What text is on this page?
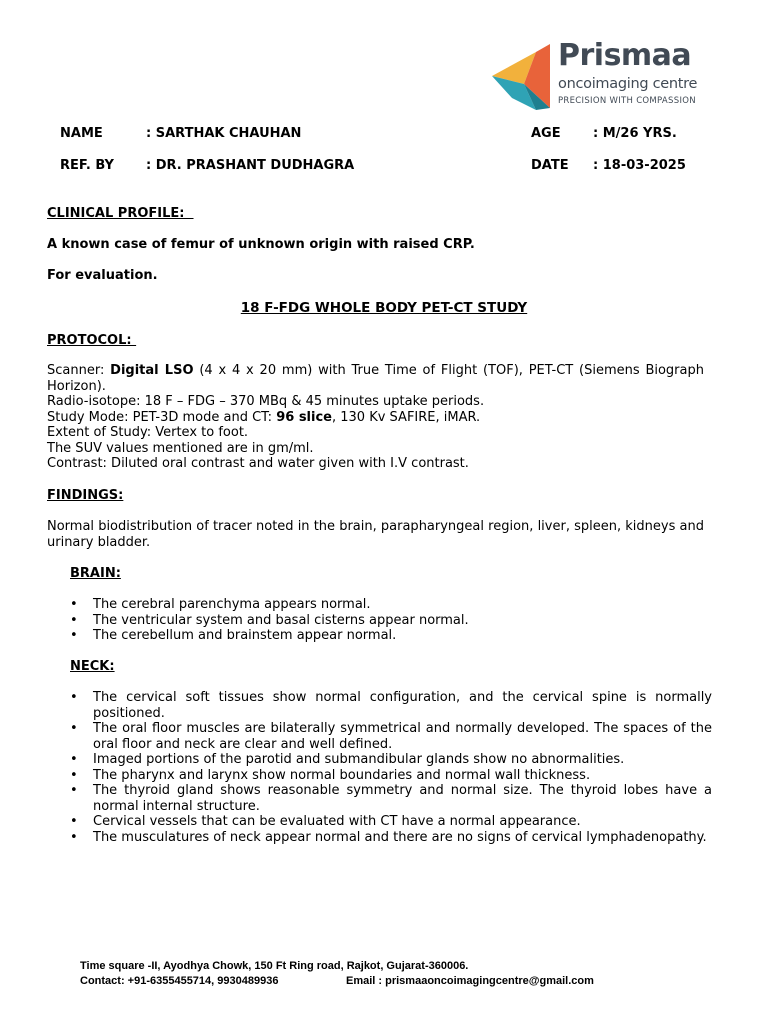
Prismaa
oncoimaging centre
PRECISION WITH COMPASSION
NAME	: SARTHAK CHAUHAN	AGE : M/26 YRS.
REF. BY : DR. PRASHANT DUDHAGRA	DATE : 18-03-2025
CLINICAL PROFILE:
A known case of femur of unknown origin with raised CRP.
For evaluation.
18 F-FDG WHOLE BODY PET-CT STUDY
PROTOCOL:
Scanner: Digital LSO (4 x 4 x 20 mm) with True Time of Flight (TOF), PET-CT (Siemens Biograph Horizon).
Radio-isotope: 18 F – FDG – 370 MBq & 45 minutes uptake periods.
Study Mode: PET-3D mode and CT: 96 slice, 130 Kv SAFIRE, iMAR.
Extent of Study: Vertex to foot.
The SUV values mentioned are in gm/ml.
Contrast: Diluted oral contrast and water given with I.V contrast.
FINDINGS:
Normal biodistribution of tracer noted in the brain, parapharyngeal region, liver, spleen, kidneys and urinary bladder.
BRAIN:
• The cerebral parenchyma appears normal.
• The ventricular system and basal cisterns appear normal.
• The cerebellum and brainstem appear normal.
NECK:
• The cervical soft tissues show normal configuration, and the cervical spine is normally positioned.
• The oral floor muscles are bilaterally symmetrical and normally developed. The spaces of the oral floor and neck are clear and well defined.
• Imaged portions of the parotid and submandibular glands show no abnormalities.
• The pharynx and larynx show normal boundaries and normal wall thickness.
• The thyroid gland shows reasonable symmetry and normal size. The thyroid lobes have a normal internal structure.
• Cervical vessels that can be evaluated with CT have a normal appearance.
• The musculatures of neck appear normal and there are no signs of cervical lymphadenopathy.
Time square -II, Ayodhya Chowk, 150 Ft Ring road, Rajkot, Gujarat-360006.
Contact: +91-6355455714, 9930489936	Email : prismaaoncoimagingcentre@gmail.com
